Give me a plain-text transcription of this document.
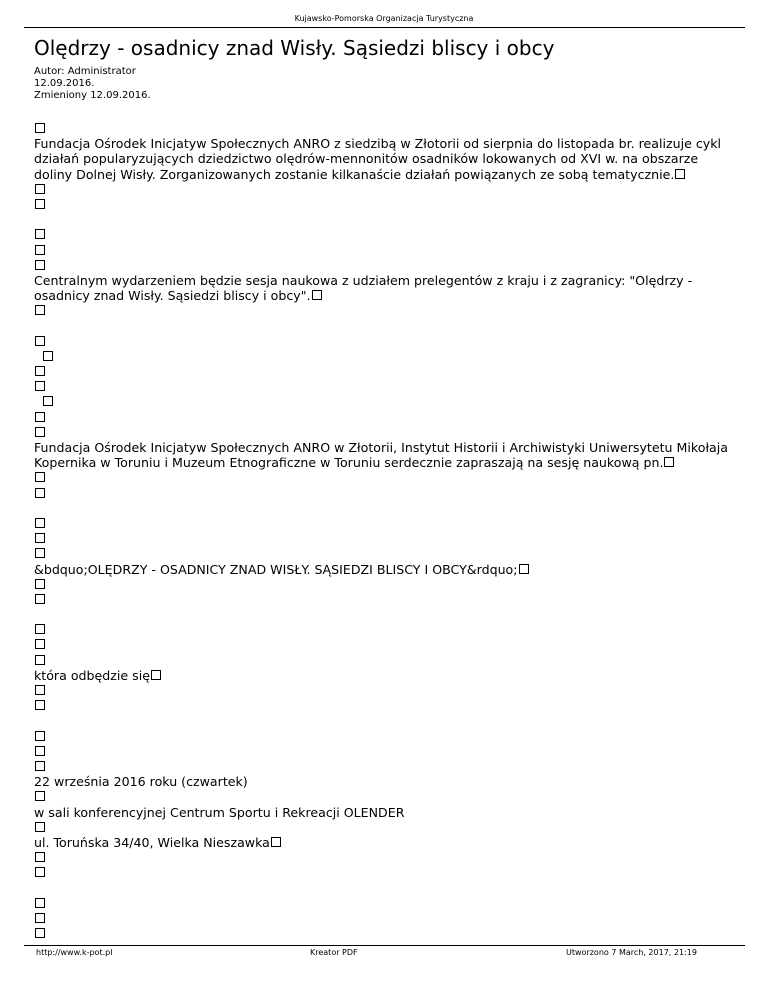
Kujawsko-Pomorska Organizacja Turystyczna
Olędrzy - osadnicy znad Wisły. Sąsiedzi bliscy i obcy
Autor: Administrator
12.09.2016.
Zmieniony 12.09.2016.
Fundacja Ośrodek Inicjatyw Społecznych ANRO z siedzibą w Złotorii od sierpnia do listopada br. realizuje cykl działań popularyzujących dziedzictwo olędrów-mennonitów osadników lokowanych od XVI w. na obszarze doliny Dolnej Wisły. Zorganizowanych zostanie kilkanaście działań powiązanych ze sobą tematycznie.
Centralnym wydarzeniem będzie sesja naukowa z udziałem prelegentów z kraju i z zagranicy: "Olędrzy - osadnicy znad Wisły. Sąsiedzi bliscy i obcy".
Fundacja Ośrodek Inicjatyw Społecznych ANRO w Złotorii, Instytut Historii i Archiwistyki Uniwersytetu Mikołaja Kopernika w Toruniu i Muzeum Etnograficzne w Toruniu serdecznie zapraszają na sesję naukową pn.
&bdquo;OLĘDRZY - OSADNICY ZNAD WISŁY. SĄSIEDZI BLISCY I OBCY&rdquo;
która odbędzie się
22 września 2016 roku (czwartek)
w sali konferencyjnej Centrum Sportu i Rekreacji OLENDER
ul. Toruńska 34/40, Wielka Nieszawka
http://www.k-pot.pl	Kreator PDF	Utworzono 7 March, 2017, 21:19
